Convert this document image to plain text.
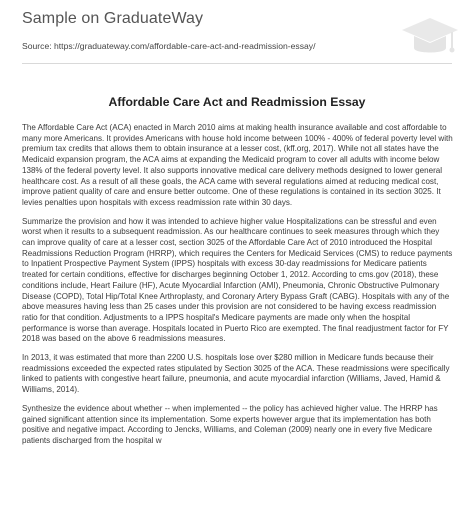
Sample on GraduateWay
Source: https://graduateway.com/affordable-care-act-and-readmission-essay/
Affordable Care Act and Readmission Essay

The Affordable Care Act (ACA) enacted in March 2010 aims at making health insurance available and cost affordable to many more Americans. It provides Americans with house hold income between 100% - 400% of federal poverty level with premium tax credits that allows them to obtain insurance at a lesser cost, (kff.org, 2017). While not all states have the Medicaid expansion program, the ACA aims at expanding the Medicaid program to cover all adults with income below 138% of the federal poverty level. It also supports innovative medical care delivery methods designed to lower general healthcare cost. As a result of all these goals, the ACA came with several regulations aimed at reducing medical cost, improve patient quality of care and ensure better outcome. One of these regulations is contained in its section 3025. It levies penalties upon hospitals with excess readmission rate within 30 days.

Summarize the provision and how it was intended to achieve higher value Hospitalizations can be stressful and even worst when it results to a subsequent readmission. As our healthcare continues to seek measures through which they can improve quality of care at a lesser cost, section 3025 of the Affordable Care Act of 2010 introduced the Hospital Readmissions Reduction Program (HRRP), which requires the Centers for Medicaid Services (CMS) to reduce payments to Inpatient Prospective Payment System (IPPS) hospitals with excess 30-day readmissions for Medicare patients treated for certain conditions, effective for discharges beginning October 1, 2012. According to cms.gov (2018), these conditions include, Heart Failure (HF), Acute Myocardial Infarction (AMI), Pneumonia, Chronic Obstructive Pulmonary Disease (COPD), Total Hip/Total Knee Arthroplasty, and Coronary Artery Bypass Graft (CABG). Hospitals with any of the above measures having less than 25 cases under this provision are not considered to be having excess readmission ratio for that condition. Adjustments to a IPPS hospital's Medicare payments are made only when the hospital performance is worse than average. Hospitals located in Puerto Rico are exempted. The final readjustment factor for FY 2018 was based on the above 6 readmissions measures.

In 2013, it was estimated that more than 2200 U.S. hospitals lose over $280 million in Medicare funds because their readmissions exceeded the expected rates stipulated by Section 3025 of the ACA. These readmissions were specifically linked to patients with congestive heart failure, pneumonia, and acute myocardial infarction (Williams, Javed, Hamid & Williams, 2014).

Synthesize the evidence about whether -- when implemented -- the policy has achieved higher value. The HRRP has gained significant attention since its implementation. Some experts however argue that its implementation has both positive and negative impact. According to Jencks, Williams, and Coleman (2009) nearly one in every five Medicare patients discharged from the hospital w
